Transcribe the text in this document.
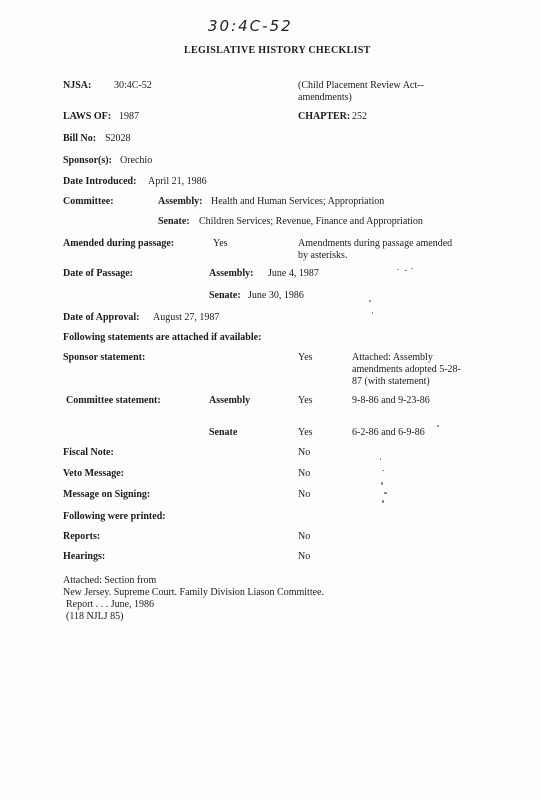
30:4C-52
LEGISLATIVE HISTORY CHECKLIST
NJSA: 30:4C-52	(Child Placement Review Act--
amendments)
LAWS OF: 1987	CHAPTER: 252
Bill No: S2028
Sponsor(s): Orechio
Date Introduced: April 21, 1986
Committee:	Assembly: Health and Human Services; Appropriation
Senate: Children Services; Revenue, Finance and Appropriation
Amended during passage:	Yes	Amendments during passage amended
by asterisks.
Date of Passage:	Assembly: June 4, 1987
Senate: June 30, 1986
Date of Approval: August 27, 1987
Following statements are attached if available:
Sponsor statement:	Yes	Attached: Assembly
amendments adopted 5-28-
87 (with statement)
Committee statement:	Assembly	Yes	9-8-86 and 9-23-86
Senate	Yes	6-2-86 and 6-9-86
Fiscal Note:	No
Veto Message:	No
Message on Signing:	No
Following were printed:
Reports:	No
Hearings:	No
Attached: Section from
New Jersey. Supreme Court. Family Division Liason Committee.
Report . . . June, 1986
(118 NJLJ 85)
